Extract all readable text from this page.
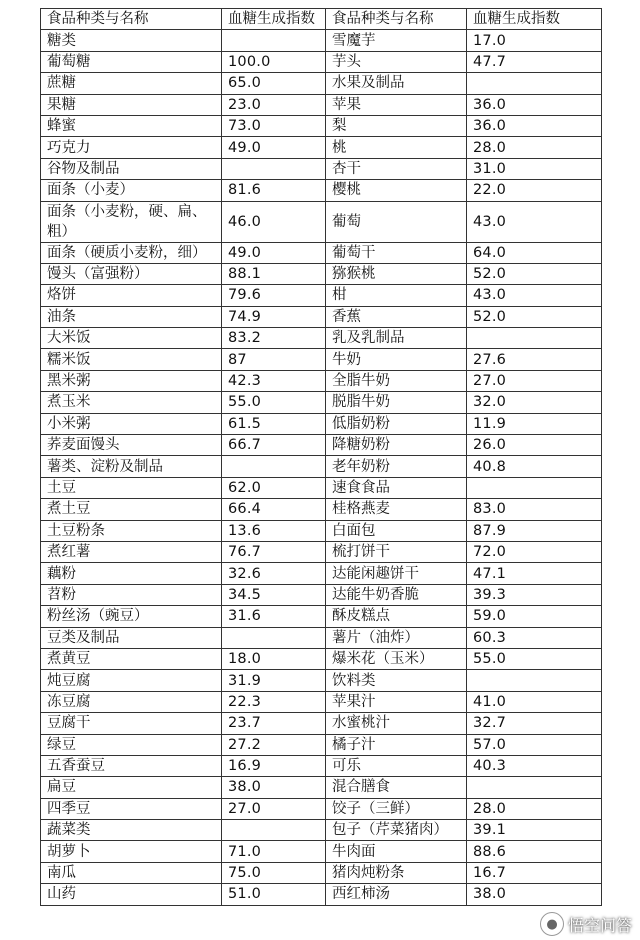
食品种类与名称	血糖生成指数	食品种类与名称	血糖生成指数
糖类		雪魔芋	17.0
葡萄糖	100.0	芋头	47.7
蔗糖	65.0	水果及制品	
果糖	23.0	苹果	36.0
蜂蜜	73.0	梨	36.0
巧克力	49.0	桃	28.0
谷物及制品		杏干	31.0
面条（小麦）	81.6	樱桃	22.0
面条（小麦粉，硬、扁、粗）	46.0	葡萄	43.0
面条（硬质小麦粉，细）	49.0	葡萄干	64.0
馒头（富强粉）	88.1	猕猴桃	52.0
烙饼	79.6	柑	43.0
油条	74.9	香蕉	52.0
大米饭	83.2	乳及乳制品	
糯米饭	87	牛奶	27.6
黑米粥	42.3	全脂牛奶	27.0
煮玉米	55.0	脱脂牛奶	32.0
小米粥	61.5	低脂奶粉	11.9
荞麦面馒头	66.7	降糖奶粉	26.0
薯类、淀粉及制品		老年奶粉	40.8
土豆	62.0	速食食品	
煮土豆	66.4	桂格燕麦	83.0
土豆粉条	13.6	白面包	87.9
煮红薯	76.7	梳打饼干	72.0
藕粉	32.6	达能闲趣饼干	47.1
苕粉	34.5	达能牛奶香脆	39.3
粉丝汤（豌豆）	31.6	酥皮糕点	59.0
豆类及制品		薯片（油炸）	60.3
煮黄豆	18.0	爆米花（玉米）	55.0
炖豆腐	31.9	饮料类	
冻豆腐	22.3	苹果汁	41.0
豆腐干	23.7	水蜜桃汁	32.7
绿豆	27.2	橘子汁	57.0
五香蚕豆	16.9	可乐	40.3
扁豆	38.0	混合膳食	
四季豆	27.0	饺子（三鲜）	28.0
蔬菜类		包子（芹菜猪肉）	39.1
胡萝卜	71.0	牛肉面	88.6
南瓜	75.0	猪肉炖粉条	16.7
山药	51.0	西红柿汤	38.0
● 悟空问答
